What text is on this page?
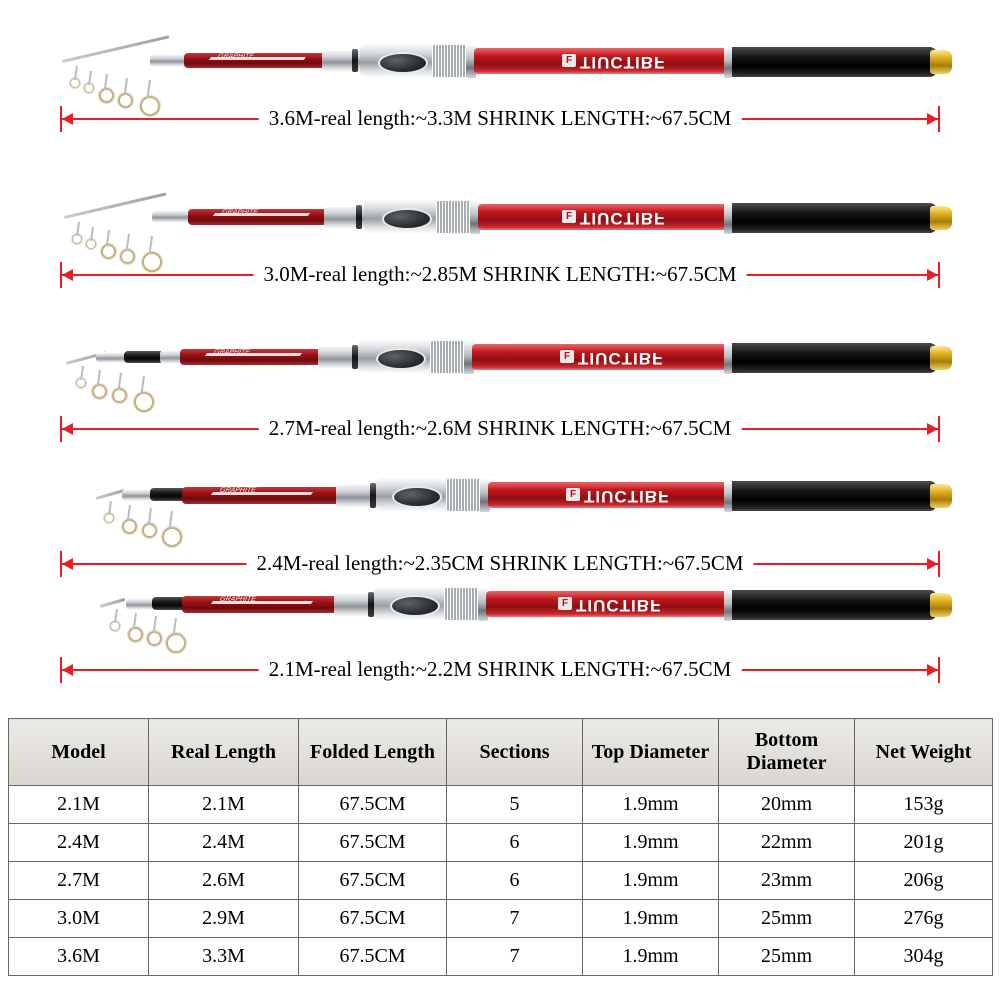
GRAPHITE	F TIUCTIBF
3.6M-real length:~3.3M SHRINK LENGTH:~67.5CM
GRAPHITE	F TIUCTIBF
3.0M-real length:~2.85M SHRINK LENGTH:~67.5CM
GRAPHITE	F TIUCTIBF
2.7M-real length:~2.6M SHRINK LENGTH:~67.5CM
GRAPHITE	F TIUCTIBF
2.4M-real length:~2.35CM SHRINK LENGTH:~67.5CM
GRAPHITE	F TIUCTIBF
2.1M-real length:~2.2M SHRINK LENGTH:~67.5CM
Model	Real Length	Folded Length	Sections	Top Diameter	Bottom Diameter	Net Weight
2.1M	2.1M	67.5CM	5	1.9mm	20mm	153g
2.4M	2.4M	67.5CM	6	1.9mm	22mm	201g
2.7M	2.6M	67.5CM	6	1.9mm	23mm	206g
3.0M	2.9M	67.5CM	7	1.9mm	25mm	276g
3.6M	3.3M	67.5CM	7	1.9mm	25mm	304g
